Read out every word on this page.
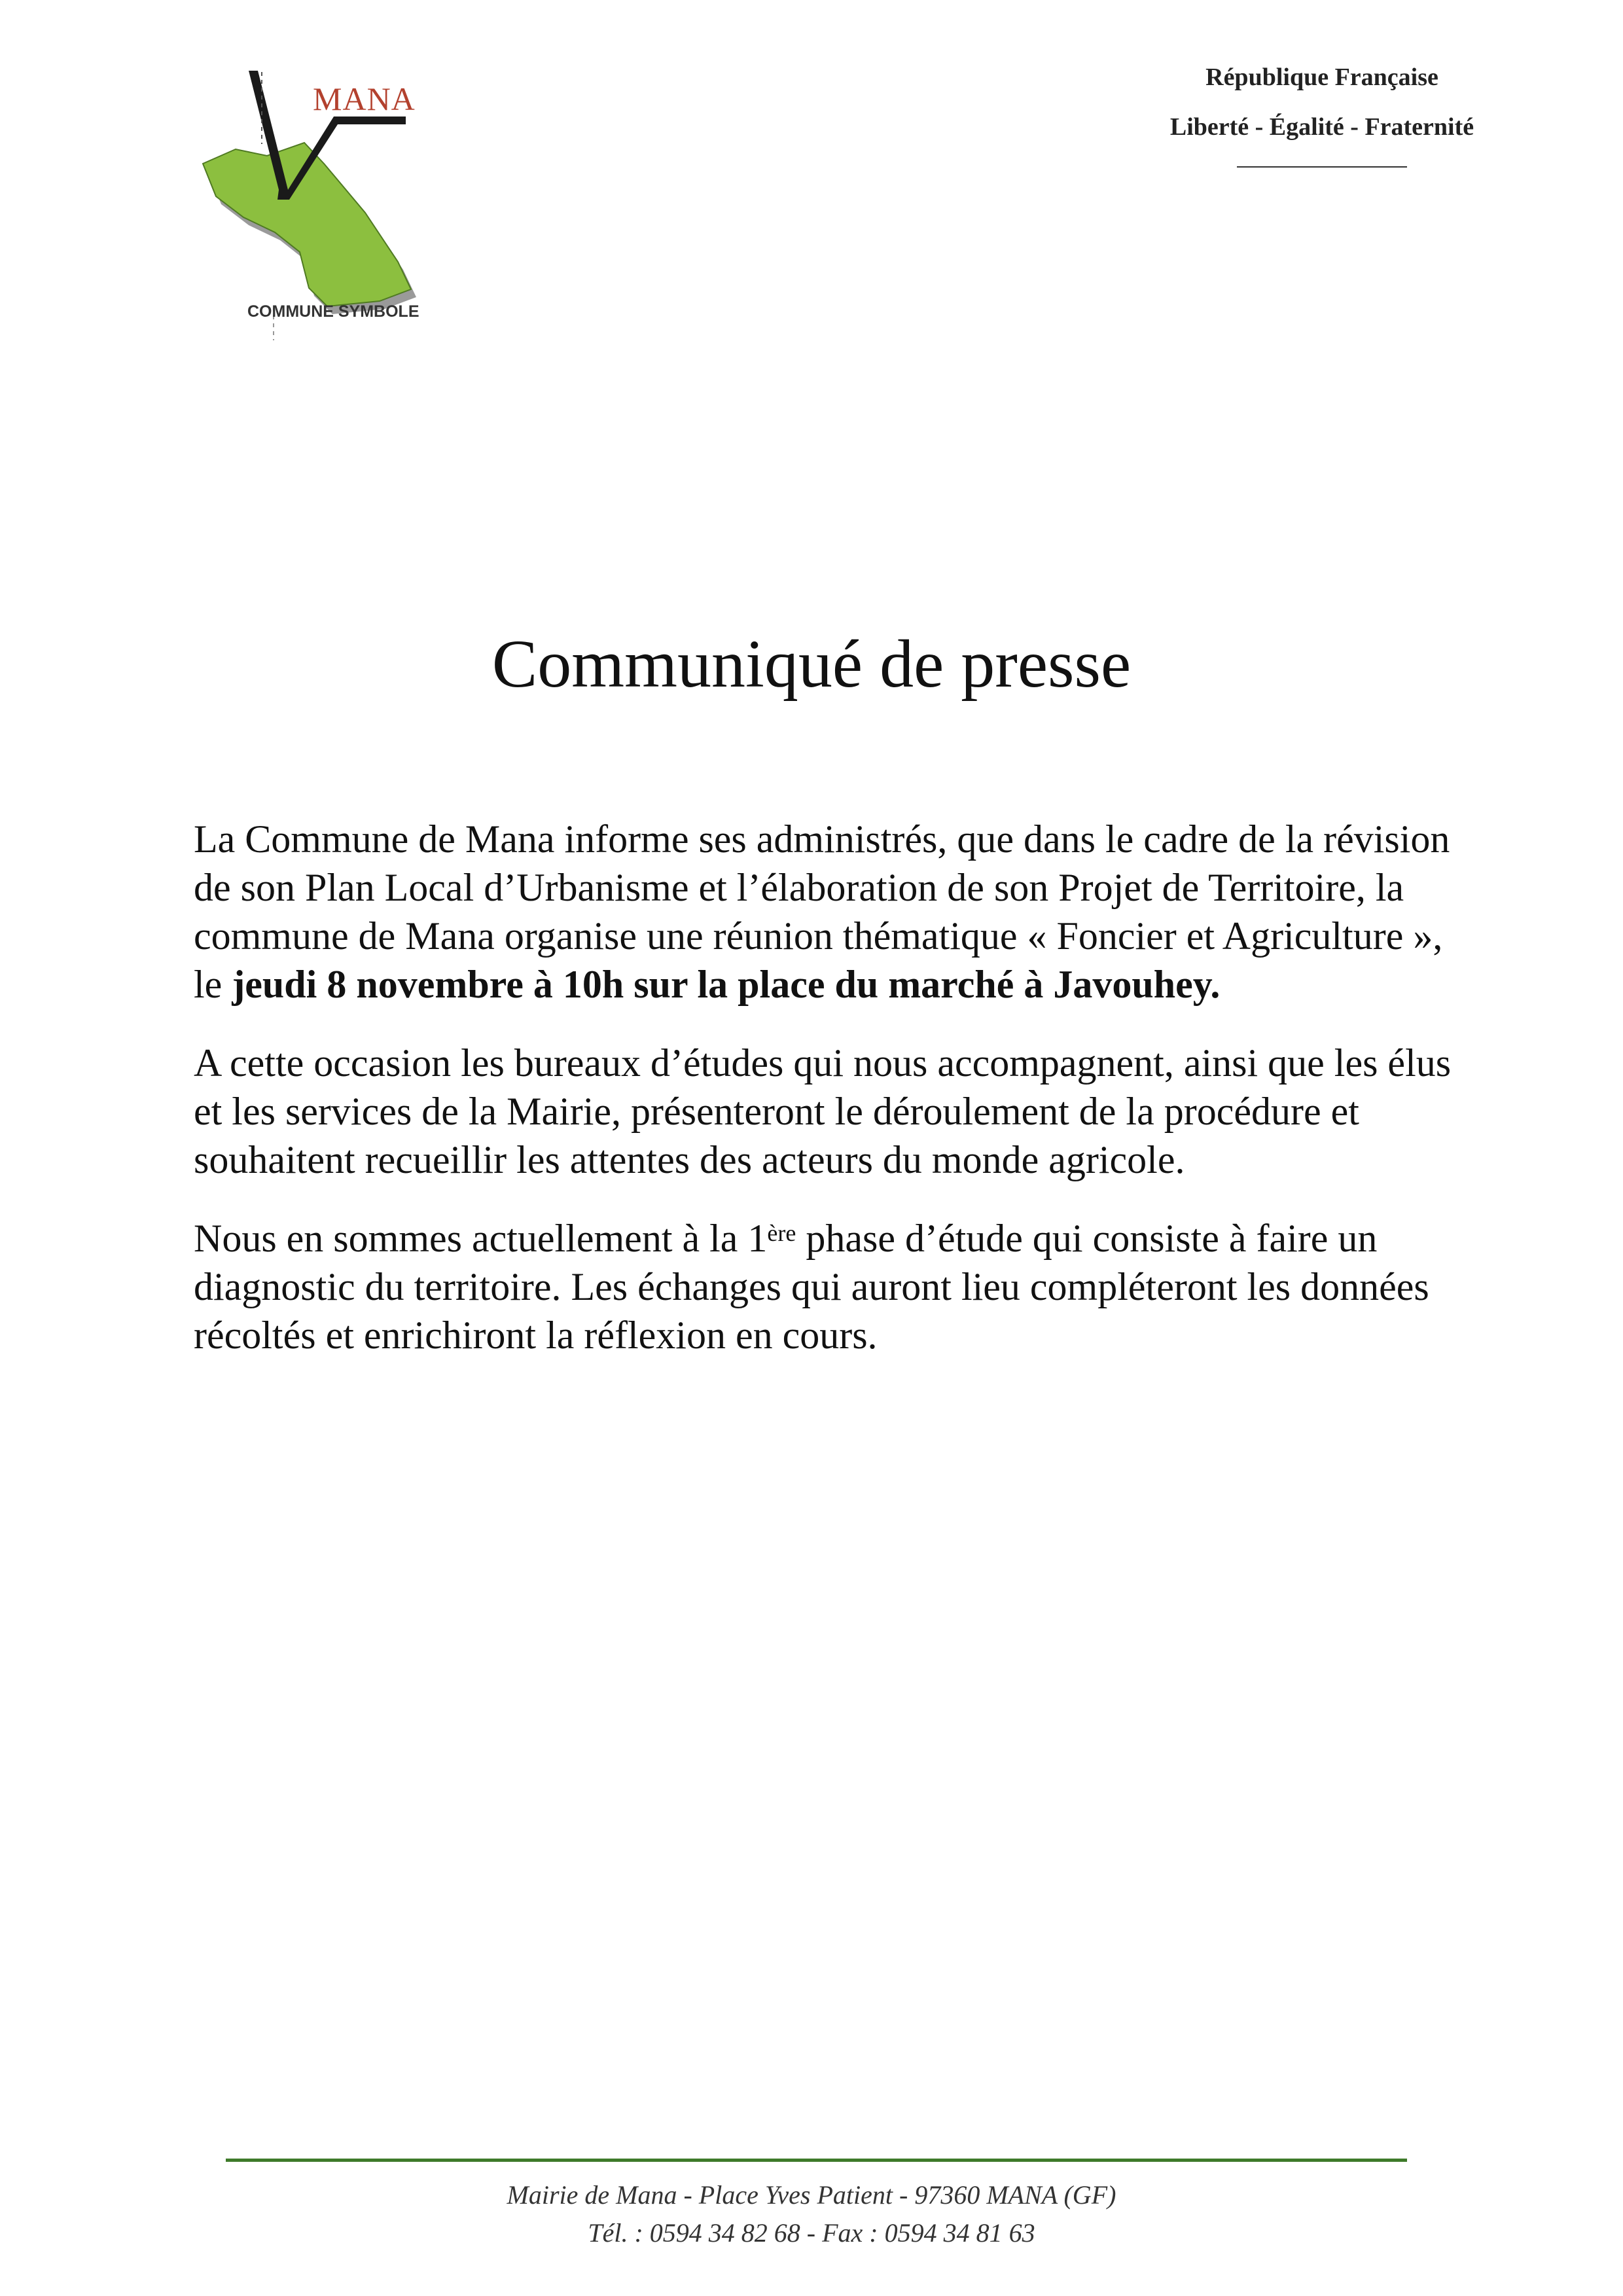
MANA
COMMUNE SYMBOLE
République Française
Liberté - Égalité - Fraternité
Communiqué de presse

La Commune de Mana informe ses administrés, que dans le cadre de la révision de son Plan Local d’Urbanisme et l’élaboration de son Projet de Territoire, la commune de Mana organise une réunion thématique « Foncier et Agriculture », le jeudi 8 novembre à 10h sur la place du marché à Javouhey.

A cette occasion les bureaux d’études qui nous accompagnent, ainsi que les élus et les services de la Mairie, présenteront le déroulement de la procédure et souhaitent recueillir les attentes des acteurs du monde agricole.

Nous en sommes actuellement à la 1ère phase d’étude qui consiste à faire un diagnostic du territoire. Les échanges qui auront lieu compléteront les données récoltés et enrichiront la réflexion en cours.

Mairie de Mana - Place Yves Patient - 97360 MANA (GF)
Tél. : 0594 34 82 68 - Fax : 0594 34 81 63
